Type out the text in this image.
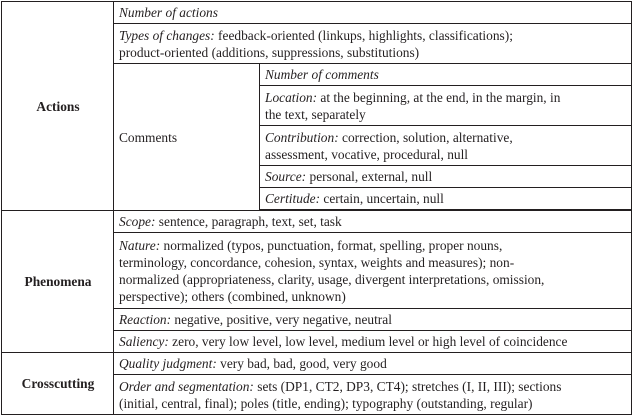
Actions	Number of actions	
	Types of changes: feedback-oriented (linkups, highlights, classifications);
product-oriented (additions, suppressions, substitutions)	
	Comments	Number of comments
		Location: at the beginning, at the end, in the margin, in
the text, separately
		Contribution: correction, solution, alternative,
assessment, vocative, procedural, null
		Source: personal, external, null
		Certitude: certain, uncertain, null

Phenomena	Scope: sentence, paragraph, text, set, task	
	Nature: normalized (typos, punctuation, format, spelling, proper nouns,
terminology, concordance, cohesion, syntax, weights and measures); non-
normalized (appropriateness, clarity, usage, divergent interpretations, omission,
perspective); others (combined, unknown)	
	Reaction: negative, positive, very negative, neutral	
	Saliency: zero, very low level, low level, medium level or high level of coincidence	
Crosscutting	Quality judgment: very bad, bad, good, very good	
	Order and segmentation: sets (DP1, CT2, DP3, CT4); stretches (I, II, III); sections
(initial, central, final); poles (title, ending); typography (outstanding, regular)	
